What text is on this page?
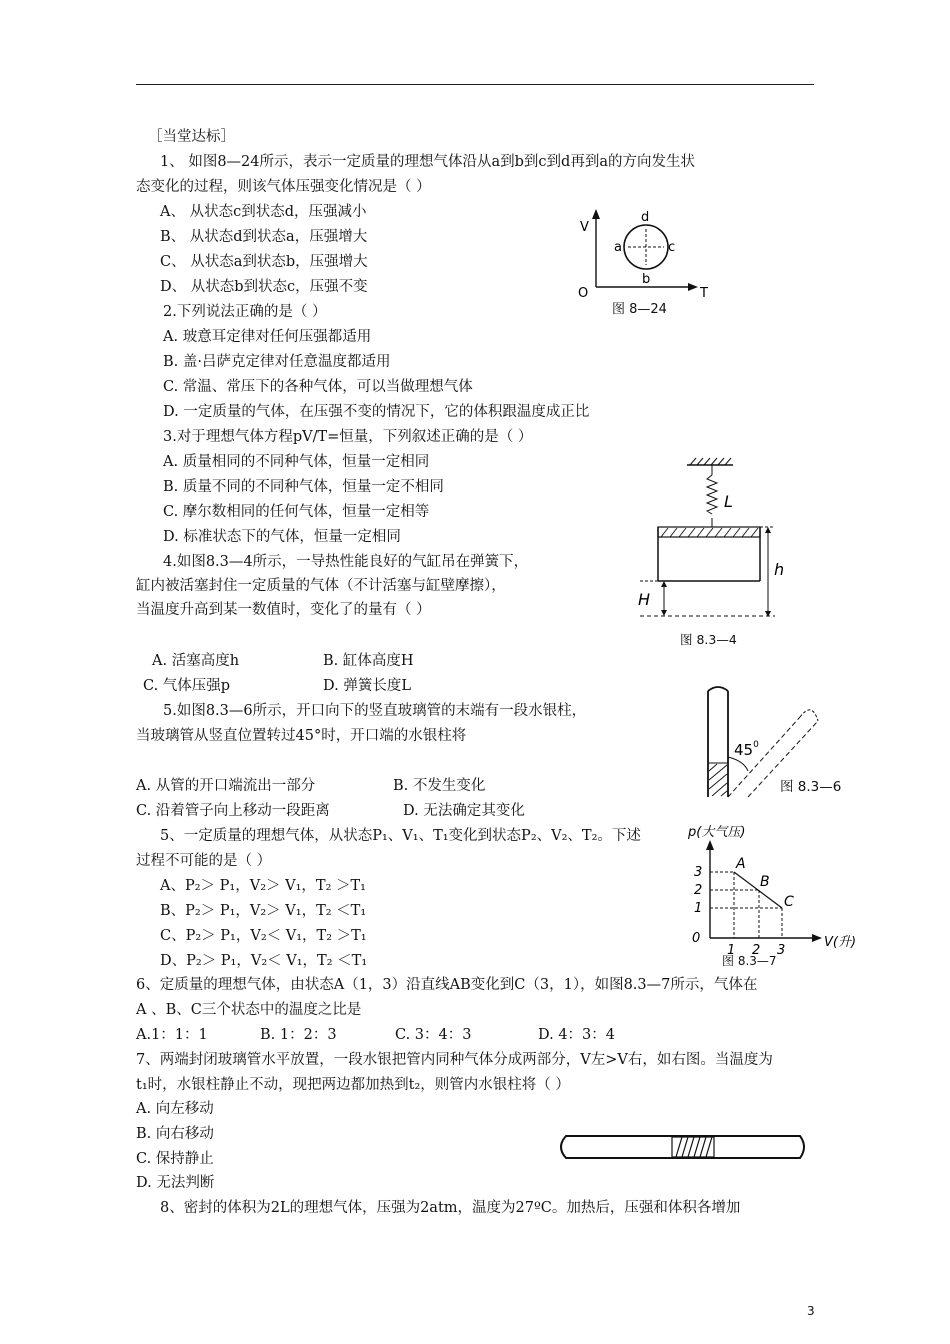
［当堂达标］
1、 如图8—24所示，表示一定质量的理想气体沿从a到b到c到d再到a的方向发生状
态变化的过程，则该气体压强变化情况是（ ）
A、 从状态c到状态d，压强减小
B、 从状态d到状态a，压强增大
C、 从状态a到状态b，压强增大
D、 从状态b到状态c，压强不变
V
T
O
d
a	c
b
图 8—24
2.下列说法正确的是（ ）
A. 玻意耳定律对任何压强都适用
B. 盖·吕萨克定律对任意温度都适用
C. 常温、常压下的各种气体，可以当做理想气体
D. 一定质量的气体，在压强不变的情况下，它的体积跟温度成正比
3.对于理想气体方程pV/T=恒量，下列叙述正确的是（ ）
A. 质量相同的不同种气体，恒量一定相同
B. 质量不同的不同种气体，恒量一定不相同
C. 摩尔数相同的任何气体，恒量一定相等
D. 标准状态下的气体，恒量一定相同
4.如图8.3—4所示，一导热性能良好的气缸吊在弹簧下，
缸内被活塞封住一定质量的气体（不计活塞与缸壁摩擦），
当温度升高到某一数值时，变化了的量有（ ）
L
h
H
图 8.3—4
A. 活塞高度h	B. 缸体高度H
C. 气体压强p	D. 弹簧长度L
5.如图8.3—6所示，开口向下的竖直玻璃管的末端有一段水银柱，
当玻璃管从竖直位置转过45°时，开口端的水银柱将
$45^0$
图 8.3—6
A. 从管的开口端流出一部分	B. 不发生变化
C. 沿着管子向上移动一段距离	D. 无法确定其变化
5、一定质量的理想气体，从状态P₁、V₁、T₁变化到状态P₂、V₂、T₂。下述
过程不可能的是（ ）
A、P₂＞ P₁，V₂＞ V₁，T₂ ＞T₁
B、P₂＞ P₁，V₂＞ V₁，T₂ ＜T₁
C、P₂＞ P₁，V₂＜ V₁，T₂ ＞T₁
D、P₂＞ P₁，V₂＜ V₁，T₂ ＜T₁
p(大气压)
V(升)
0
1
2
3
1 2 3
A
B
C
图 8.3—7
6、定质量的理想气体，由状态A（1，3）沿直线AB变化到C（3，1），如图8.3—7所示，气体在
A 、B、C三个状态中的温度之比是
A.1：1：1	B. 1：2：3	C. 3：4：3	D. 4：3：4
7、两端封闭玻璃管水平放置，一段水银把管内同种气体分成两部分，V左>V右，如右图。当温度为
t₁时，水银柱静止不动，现把两边都加热到t₂，则管内水银柱将（ ）
A. 向左移动
B. 向右移动
C. 保持静止
D. 无法判断
8、密封的体积为2L的理想气体，压强为2atm，温度为27ºC。加热后，压强和体积各增加
3
